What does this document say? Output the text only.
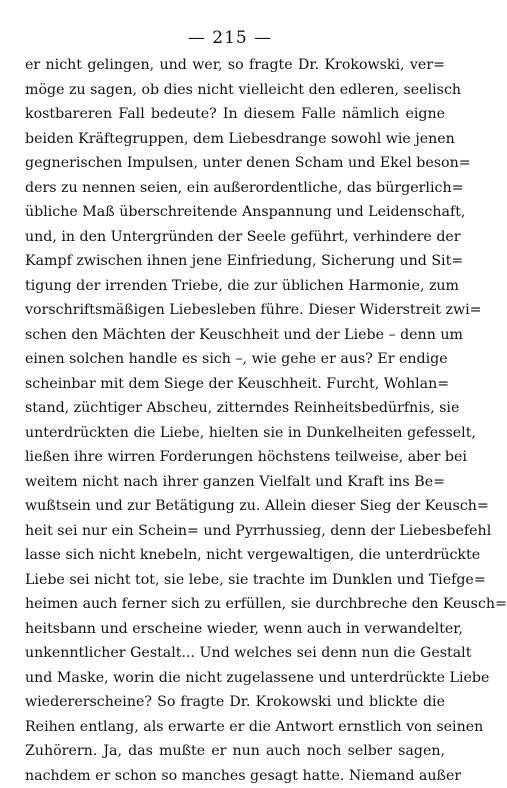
— 215 —
er nicht gelingen, und wer, so fragte Dr. Krokowski, ver=
möge zu sagen, ob dies nicht vielleicht den edleren, seelisch
kostbareren Fall bedeute? In diesem Falle nämlich eigne
beiden Kräftegruppen, dem Liebesdrange sowohl wie jenen
gegnerischen Impulsen, unter denen Scham und Ekel beson=
ders zu nennen seien, ein außerordentliche, das bürgerlich=
übliche Maß überschreitende Anspannung und Leidenschaft,
und, in den Untergründen der Seele geführt, verhindere der
Kampf zwischen ihnen jene Einfriedung, Sicherung und Sit=
tigung der irrenden Triebe, die zur üblichen Harmonie, zum
vorschriftsmäßigen Liebesleben führe. Dieser Widerstreit zwi=
schen den Mächten der Keuschheit und der Liebe – denn um
einen solchen handle es sich –, wie gehe er aus? Er endige
scheinbar mit dem Siege der Keuschheit. Furcht, Wohlan=
stand, züchtiger Abscheu, zitterndes Reinheitsbedürfnis, sie
unterdrückten die Liebe, hielten sie in Dunkelheiten gefesselt,
ließen ihre wirren Forderungen höchstens teilweise, aber bei
weitem nicht nach ihrer ganzen Vielfalt und Kraft ins Be=
wußtsein und zur Betätigung zu. Allein dieser Sieg der Keusch=
heit sei nur ein Schein= und Pyrrhussieg, denn der Liebesbefehl
lasse sich nicht knebeln, nicht vergewaltigen, die unterdrückte
Liebe sei nicht tot, sie lebe, sie trachte im Dunklen und Tiefge=
heimen auch ferner sich zu erfüllen, sie durchbreche den Keusch=
heitsbann und erscheine wieder, wenn auch in verwandelter,
unkenntlicher Gestalt... Und welches sei denn nun die Gestalt
und Maske, worin die nicht zugelassene und unterdrückte Liebe
wiedererscheine? So fragte Dr. Krokowski und blickte die
Reihen entlang, als erwarte er die Antwort ernstlich von seinen
Zuhörern. Ja, das mußte er nun auch noch selber sagen,
nachdem er schon so manches gesagt hatte. Niemand außer
